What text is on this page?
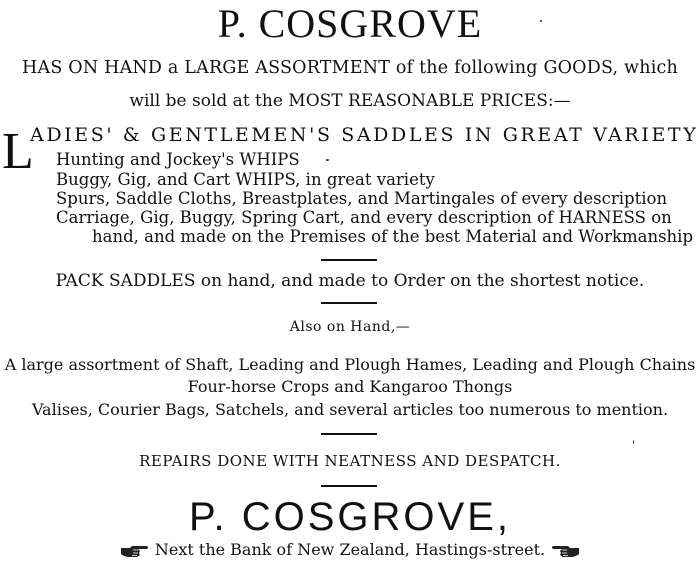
P. COSGROVE
HAS ON HAND a LARGE ASSORTMENT of the following GOODS, which
will be sold at the MOST REASONABLE PRICES:—
L
ADIES' & GENTLEMEN'S SADDLES IN GREAT VARIETY
Hunting and Jockey's WHIPS
Buggy, Gig, and Cart WHIPS, in great variety
Spurs, Saddle Cloths, Breastplates, and Martingales of every description
Carriage, Gig, Buggy, Spring Cart, and every description of HARNESS on
hand, and made on the Premises of the best Material and Workmanship
PACK SADDLES on hand, and made to Order on the shortest notice.
Also on Hand,—
A large assortment of Shaft, Leading and Plough Hames, Leading and Plough Chains
Four-horse Crops and Kangaroo Thongs
Valises, Courier Bags, Satchels, and several articles too numerous to mention.
REPAIRS DONE WITH NEATNESS AND DESPATCH.
P. COSGROVE,
Next the Bank of New Zealand, Hastings-street.
